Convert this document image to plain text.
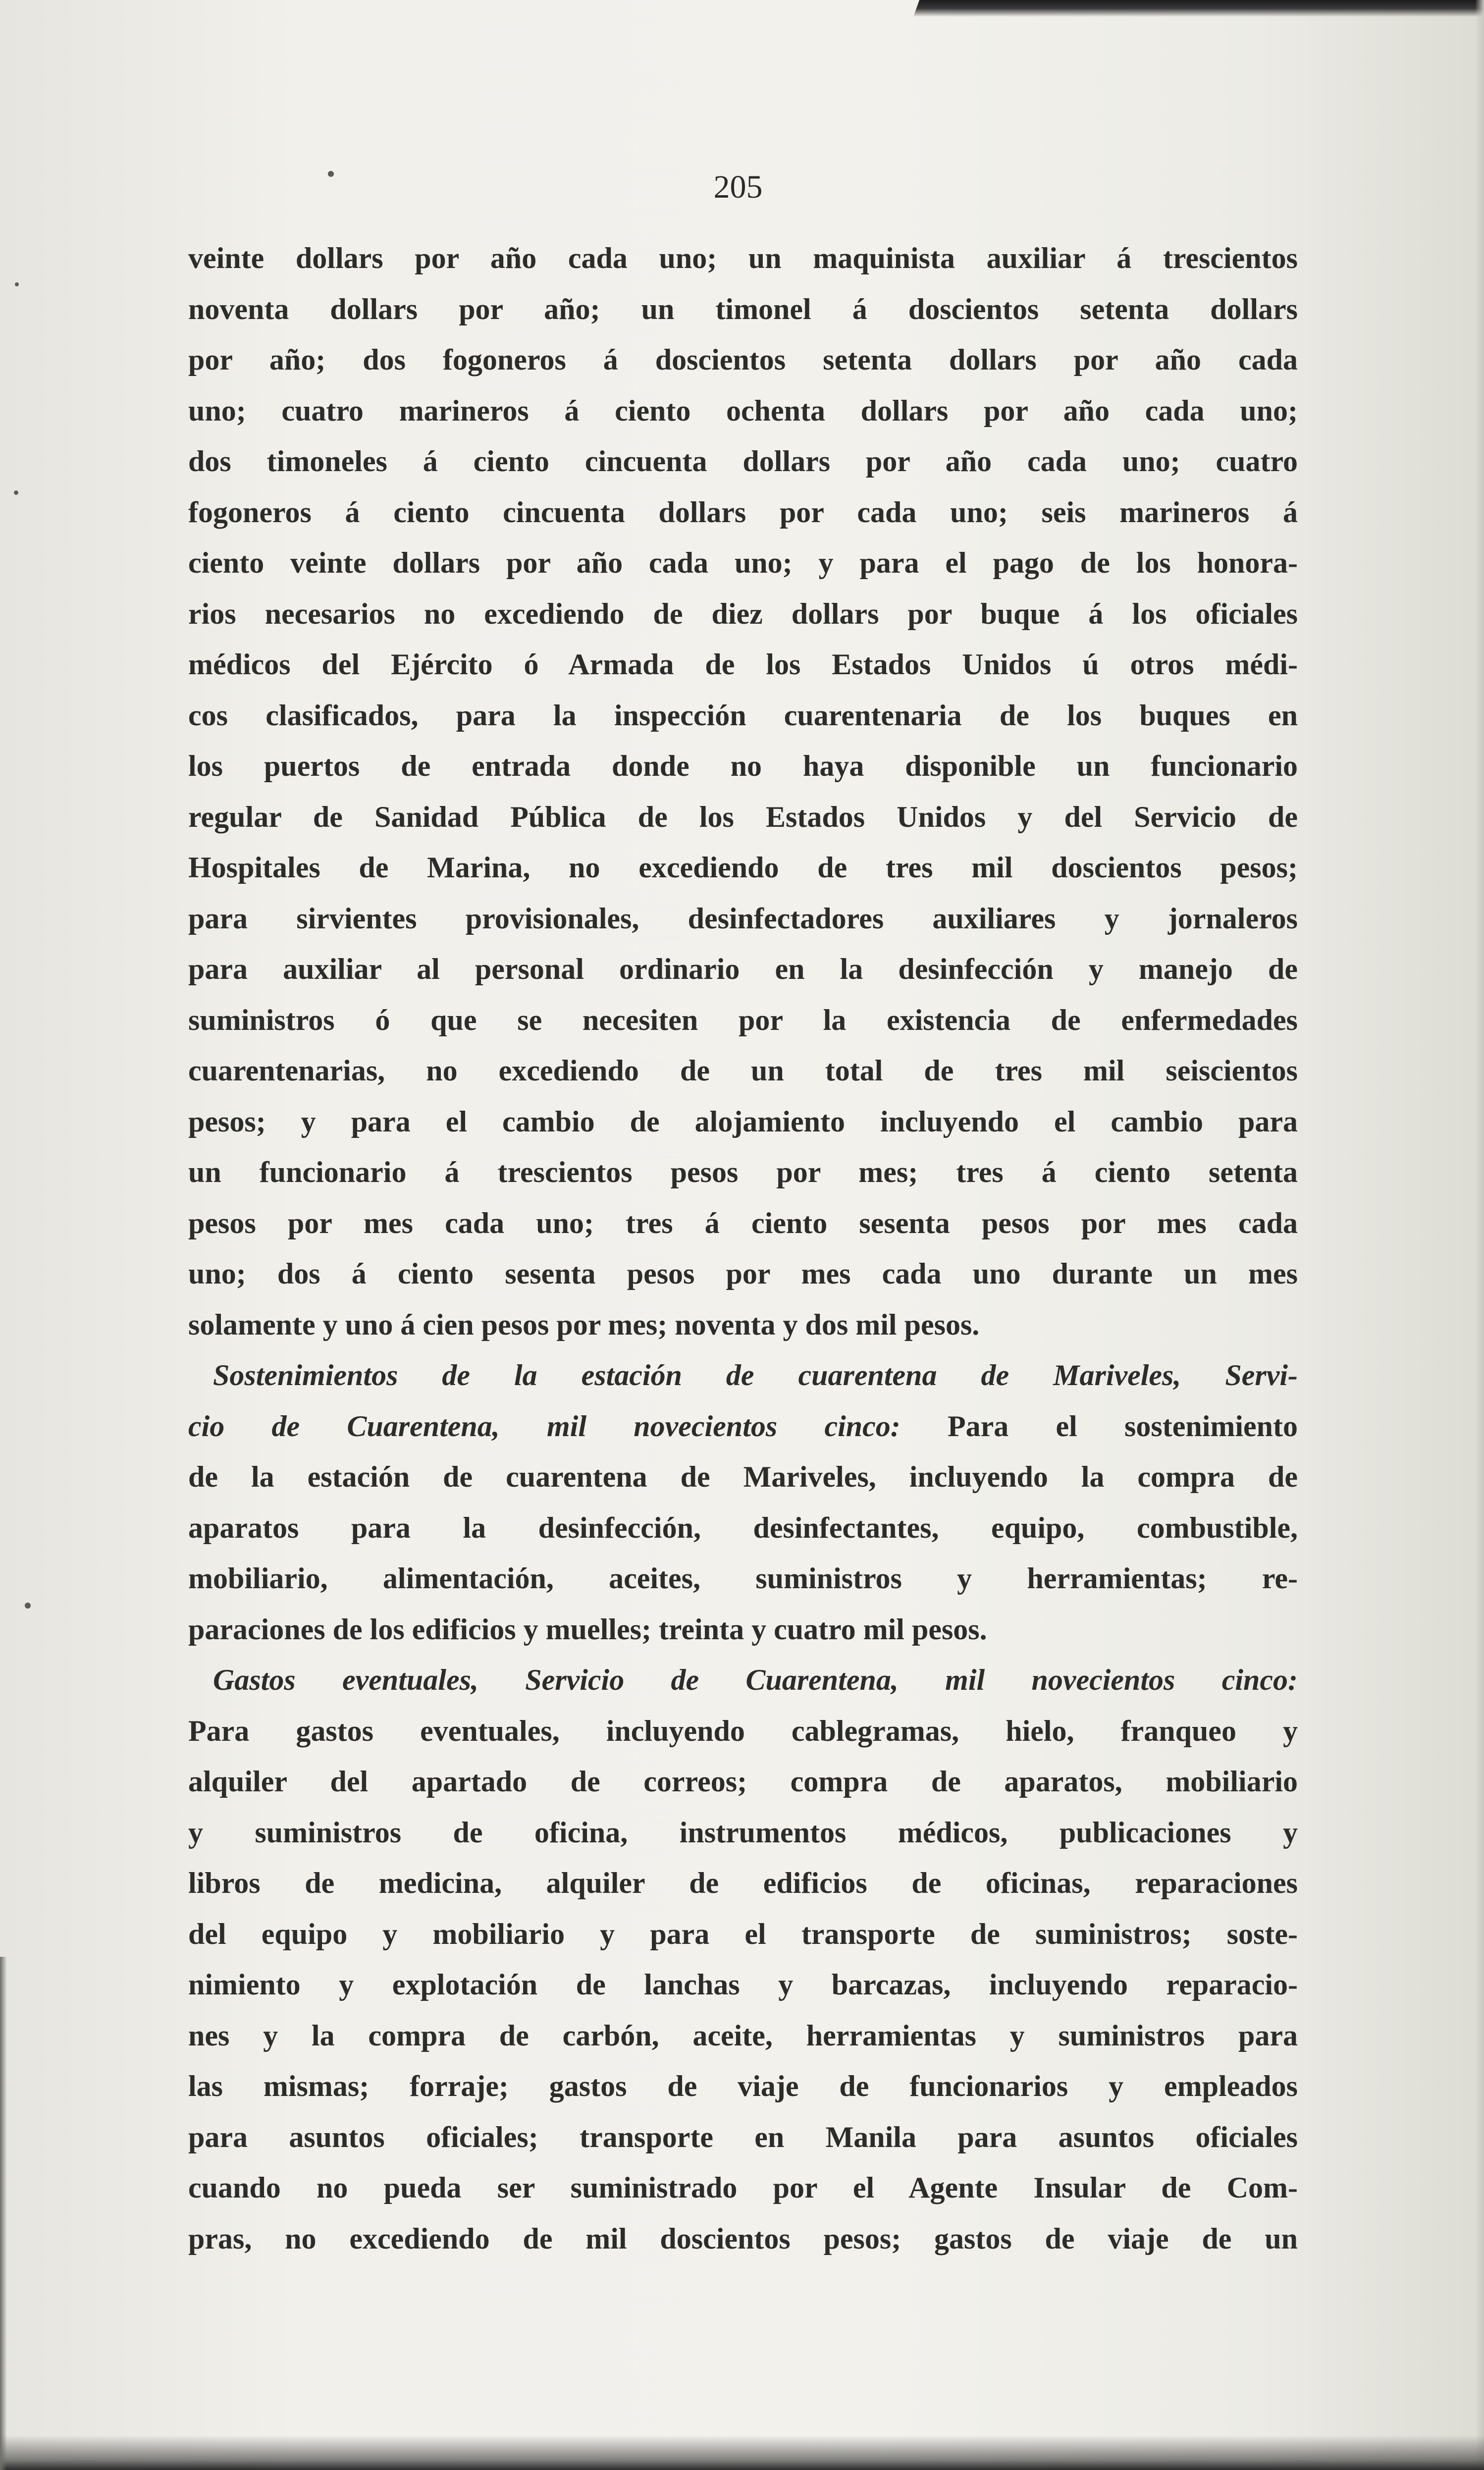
205
veinte dollars por año cada uno; un maquinista auxiliar á trescientos
noventa dollars por año; un timonel á doscientos setenta dollars
por año; dos fogoneros á doscientos setenta dollars por año cada
uno; cuatro marineros á ciento ochenta dollars por año cada uno;
dos timoneles á ciento cincuenta dollars por año cada uno; cuatro
fogoneros á ciento cincuenta dollars por cada uno; seis marineros á
ciento veinte dollars por año cada uno; y para el pago de los honora-
rios necesarios no excediendo de diez dollars por buque á los oficiales
médicos del Ejército ó Armada de los Estados Unidos ú otros médi-
cos clasificados, para la inspección cuarentenaria de los buques en
los puertos de entrada donde no haya disponible un funcionario
regular de Sanidad Pública de los Estados Unidos y del Servicio de
Hospitales de Marina, no excediendo de tres mil doscientos pesos;
para sirvientes provisionales, desinfectadores auxiliares y jornaleros
para auxiliar al personal ordinario en la desinfección y manejo de
suministros ó que se necesiten por la existencia de enfermedades
cuarentenarias, no excediendo de un total de tres mil seiscientos
pesos; y para el cambio de alojamiento incluyendo el cambio para
un funcionario á trescientos pesos por mes; tres á ciento setenta
pesos por mes cada uno; tres á ciento sesenta pesos por mes cada
uno; dos á ciento sesenta pesos por mes cada uno durante un mes
solamente y uno á cien pesos por mes; noventa y dos mil pesos.
Sostenimientos de la estación de cuarentena de Mariveles, Servi-
cio de Cuarentena, mil novecientos cinco: Para el sostenimiento
de la estación de cuarentena de Mariveles, incluyendo la compra de
aparatos para la desinfección, desinfectantes, equipo, combustible,
mobiliario, alimentación, aceites, suministros y herramientas; re-
paraciones de los edificios y muelles; treinta y cuatro mil pesos.
Gastos eventuales, Servicio de Cuarentena, mil novecientos cinco:
Para gastos eventuales, incluyendo cablegramas, hielo, franqueo y
alquiler del apartado de correos; compra de aparatos, mobiliario
y suministros de oficina, instrumentos médicos, publicaciones y
libros de medicina, alquiler de edificios de oficinas, reparaciones
del equipo y mobiliario y para el transporte de suministros; soste-
nimiento y explotación de lanchas y barcazas, incluyendo reparacio-
nes y la compra de carbón, aceite, herramientas y suministros para
las mismas; forraje; gastos de viaje de funcionarios y empleados
para asuntos oficiales; transporte en Manila para asuntos oficiales
cuando no pueda ser suministrado por el Agente Insular de Com-
pras, no excediendo de mil doscientos pesos; gastos de viaje de un
